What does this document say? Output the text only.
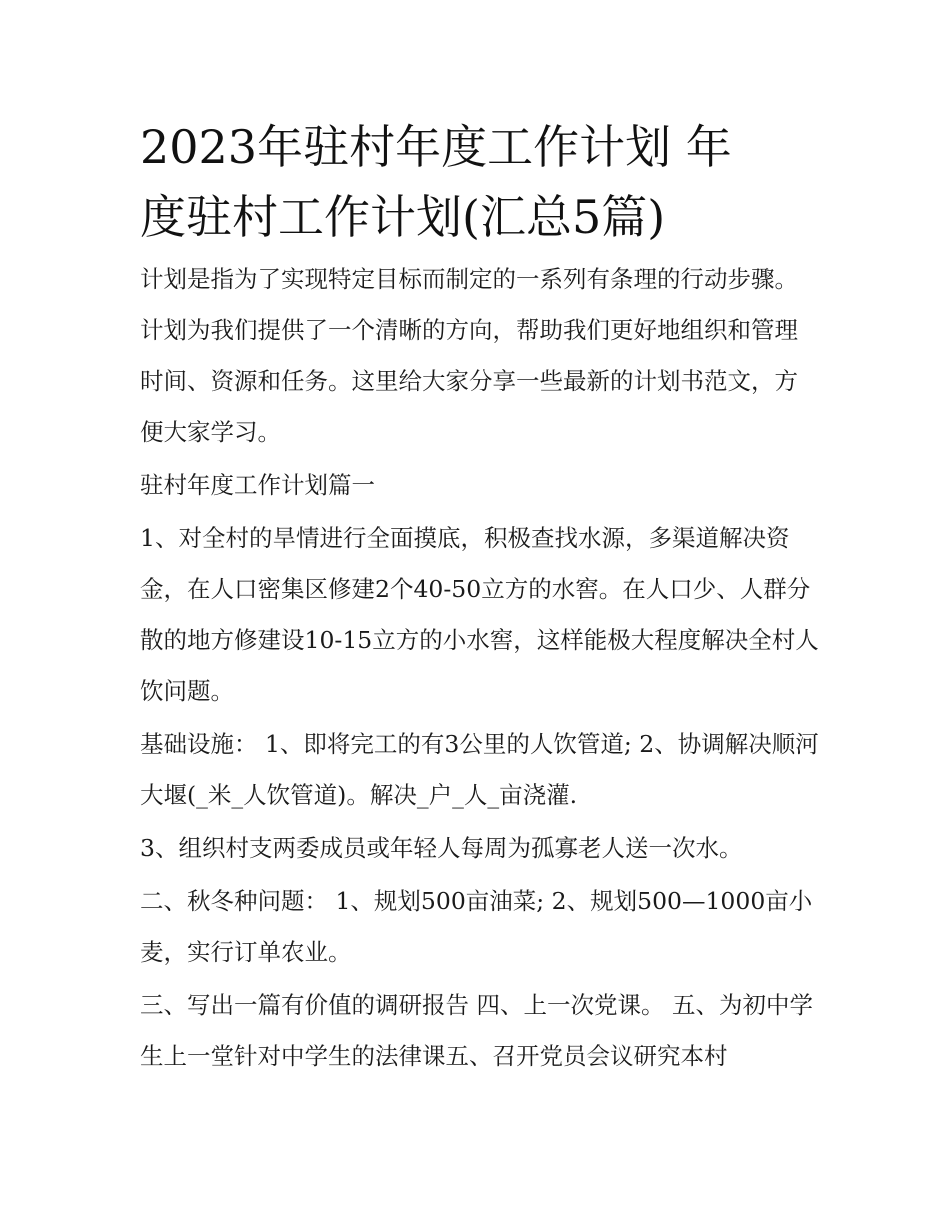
2023年驻村年度工作计划 年
度驻村工作计划(汇总5篇)

计划是指为了实现特定目标而制定的一系列有条理的行动步骤。计划为我们提供了一个清晰的方向，帮助我们更好地组织和管理时间、资源和任务。这里给大家分享一些最新的计划书范文，方便大家学习。

驻村年度工作计划篇一

1、对全村的旱情进行全面摸底，积极查找水源，多渠道解决资金，在人口密集区修建2个40-50立方的水窖。在人口少、人群分散的地方修建设10-15立方的小水窖，这样能极大程度解决全村人饮问题。

基础设施： 1、即将完工的有3公里的人饮管道; 2、协调解决顺河大堰(_米_人饮管道)。解决_户_人_亩浇灌.

3、组织村支两委成员或年轻人每周为孤寡老人送一次水。

二、秋冬种问题： 1、规划500亩油菜; 2、规划500—1000亩小麦，实行订单农业。

三、写出一篇有价值的调研报告 四、上一次党课。 五、为初中学生上一堂针对中学生的法律课五、召开党员会议研究本村
